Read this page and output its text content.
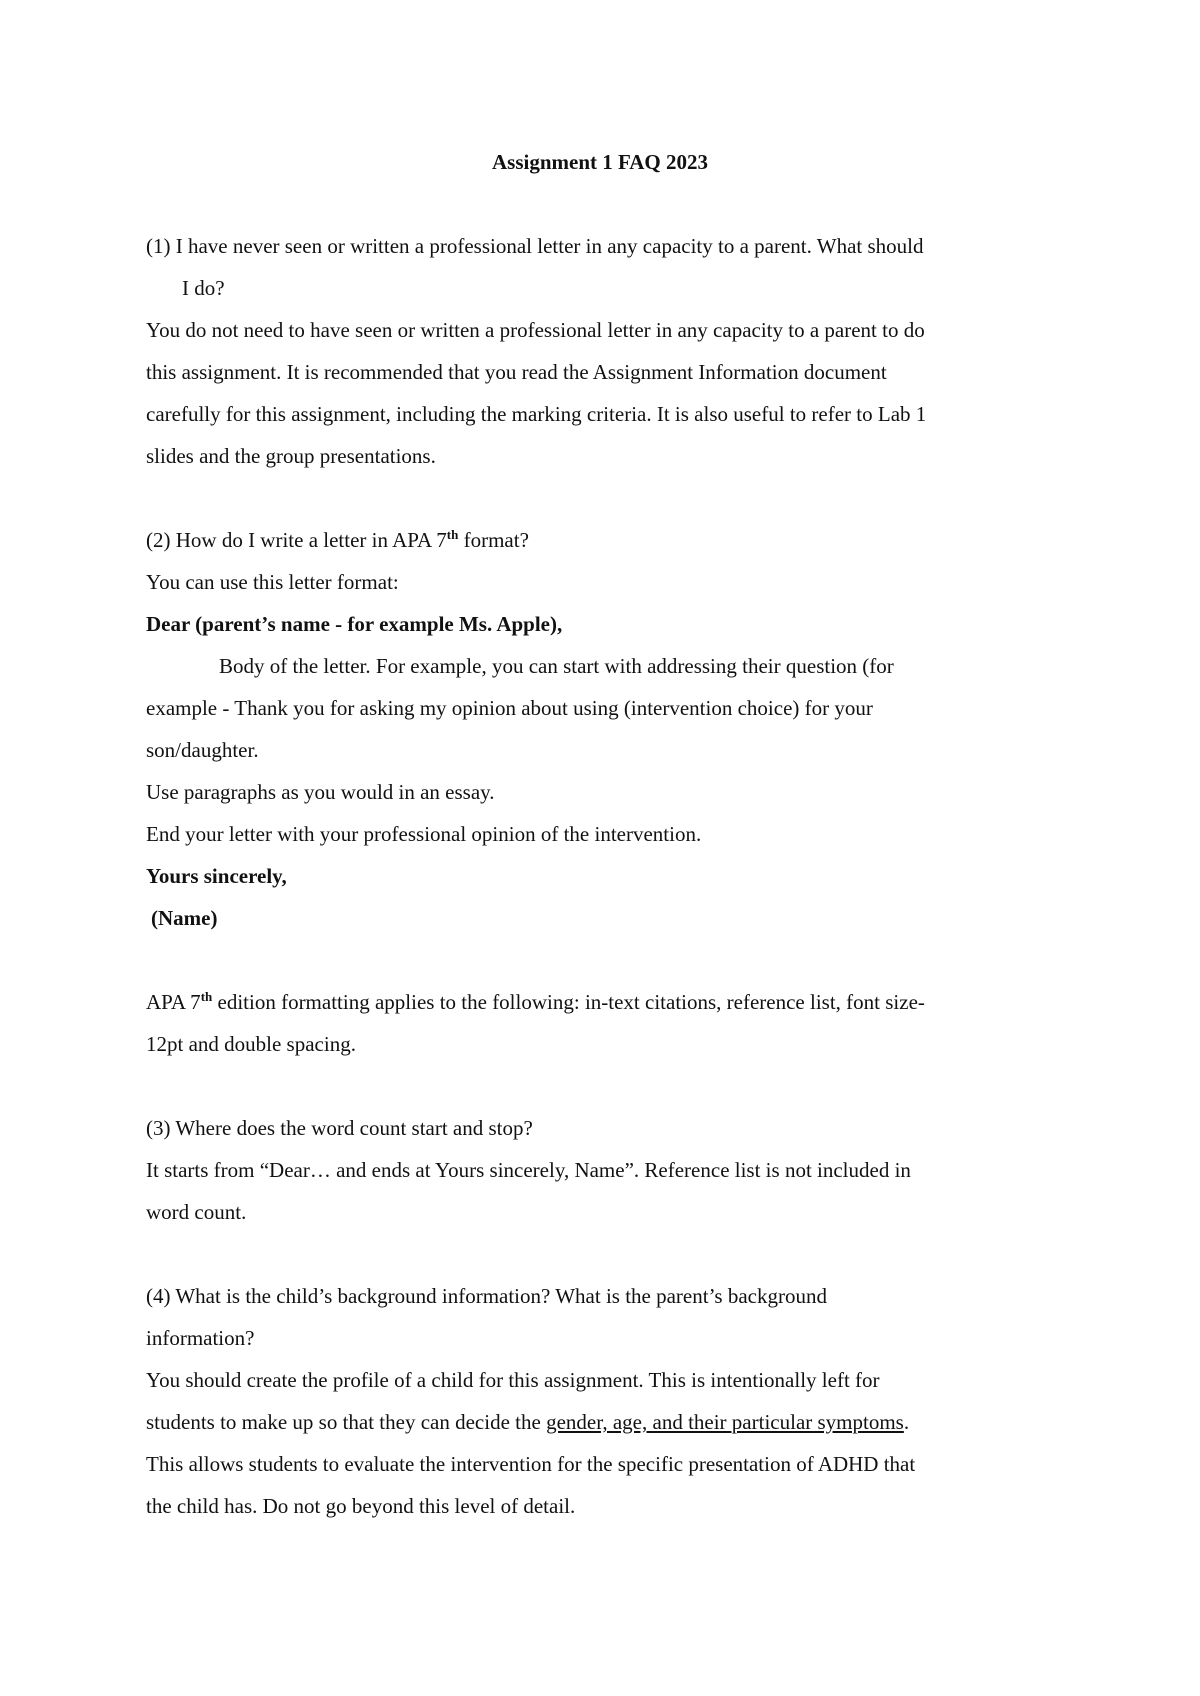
Assignment 1 FAQ 2023
(1) I have never seen or written a professional letter in any capacity to a parent. What should
I do?
You do not need to have seen or written a professional letter in any capacity to a parent to do
this assignment. It is recommended that you read the Assignment Information document
carefully for this assignment, including the marking criteria. It is also useful to refer to Lab 1
slides and the group presentations.
(2) How do I write a letter in APA 7th format?
You can use this letter format:
Dear (parent’s name - for example Ms. Apple),
Body of the letter. For example, you can start with addressing their question (for
example - Thank you for asking my opinion about using (intervention choice) for your
son/daughter.
Use paragraphs as you would in an essay.
End your letter with your professional opinion of the intervention.
Yours sincerely,
(Name)
APA 7th edition formatting applies to the following: in-text citations, reference list, font size-
12pt and double spacing.
(3) Where does the word count start and stop?
It starts from “Dear… and ends at Yours sincerely, Name”. Reference list is not included in
word count.
(4) What is the child’s background information? What is the parent’s background
information?
You should create the profile of a child for this assignment. This is intentionally left for
students to make up so that they can decide the gender, age, and their particular symptoms.
This allows students to evaluate the intervention for the specific presentation of ADHD that
the child has. Do not go beyond this level of detail.
